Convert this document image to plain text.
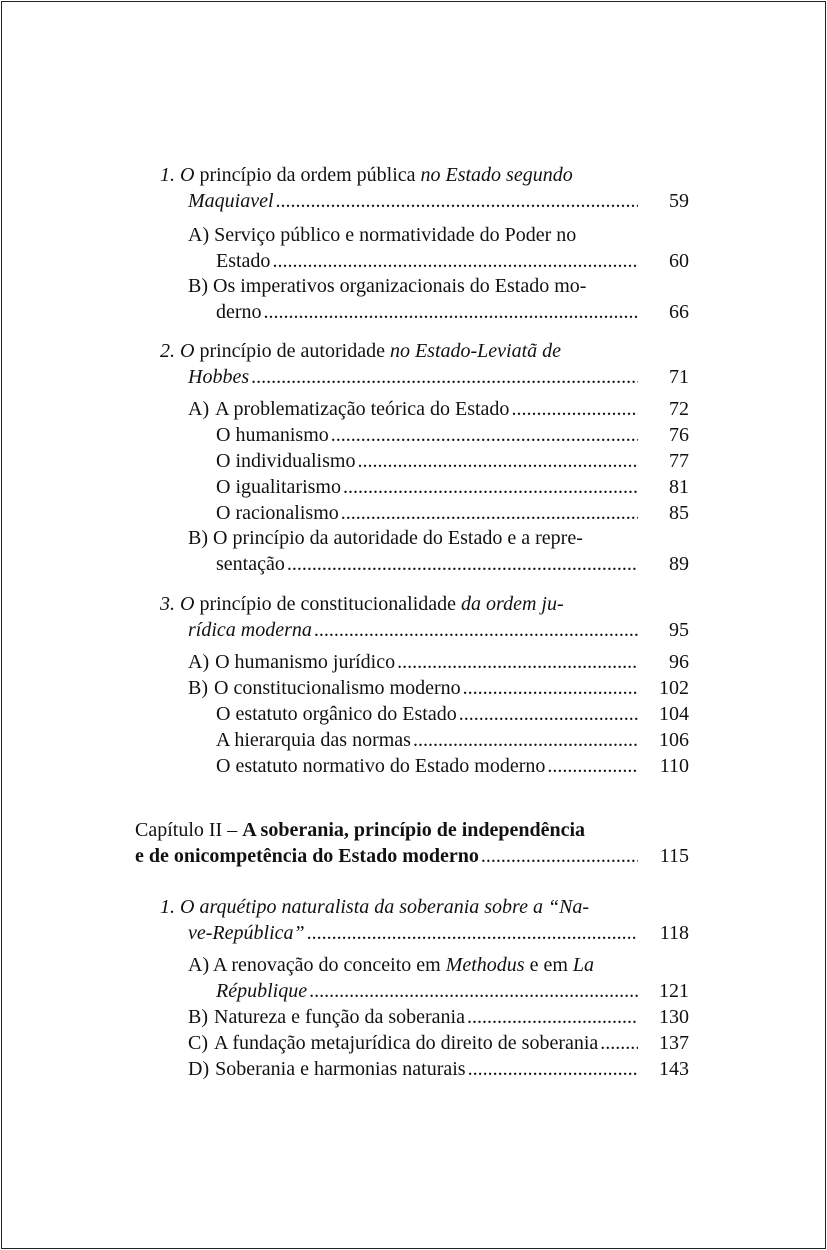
1. O princípio da ordem pública no Estado segundo
Maquiavel .....	59
A) Serviço público e normatividade do Poder no
Estado .....	60
B) Os imperativos organizacionais do Estado mo-
derno .....	66
2. O princípio de autoridade no Estado-Leviatã de
Hobbes .....	71
A) A problematização teórica do Estado .....	72
O humanismo .....	76
O individualismo .....	77
O igualitarismo .....	81
O racionalismo .....	85
B) O princípio da autoridade do Estado e a repre-
sentação .....	89
3. O princípio de constitucionalidade da ordem ju-
rídica moderna .....	95
A) O humanismo jurídico .....	96
B) O constitucionalismo moderno .....	102
O estatuto orgânico do Estado .....	104
A hierarquia das normas .....	106
O estatuto normativo do Estado moderno .....	110
Capítulo II – A soberania, princípio de independência
e de onicompetência do Estado moderno .....	115
1. O arquétipo naturalista da soberania sobre a “Na-
ve-República” .....	118
A) A renovação do conceito em Methodus e em La
République .....	121
B) Natureza e função da soberania .....	130
C) A fundação metajurídica do direito de soberania .....	137
D) Soberania e harmonias naturais .....	143
